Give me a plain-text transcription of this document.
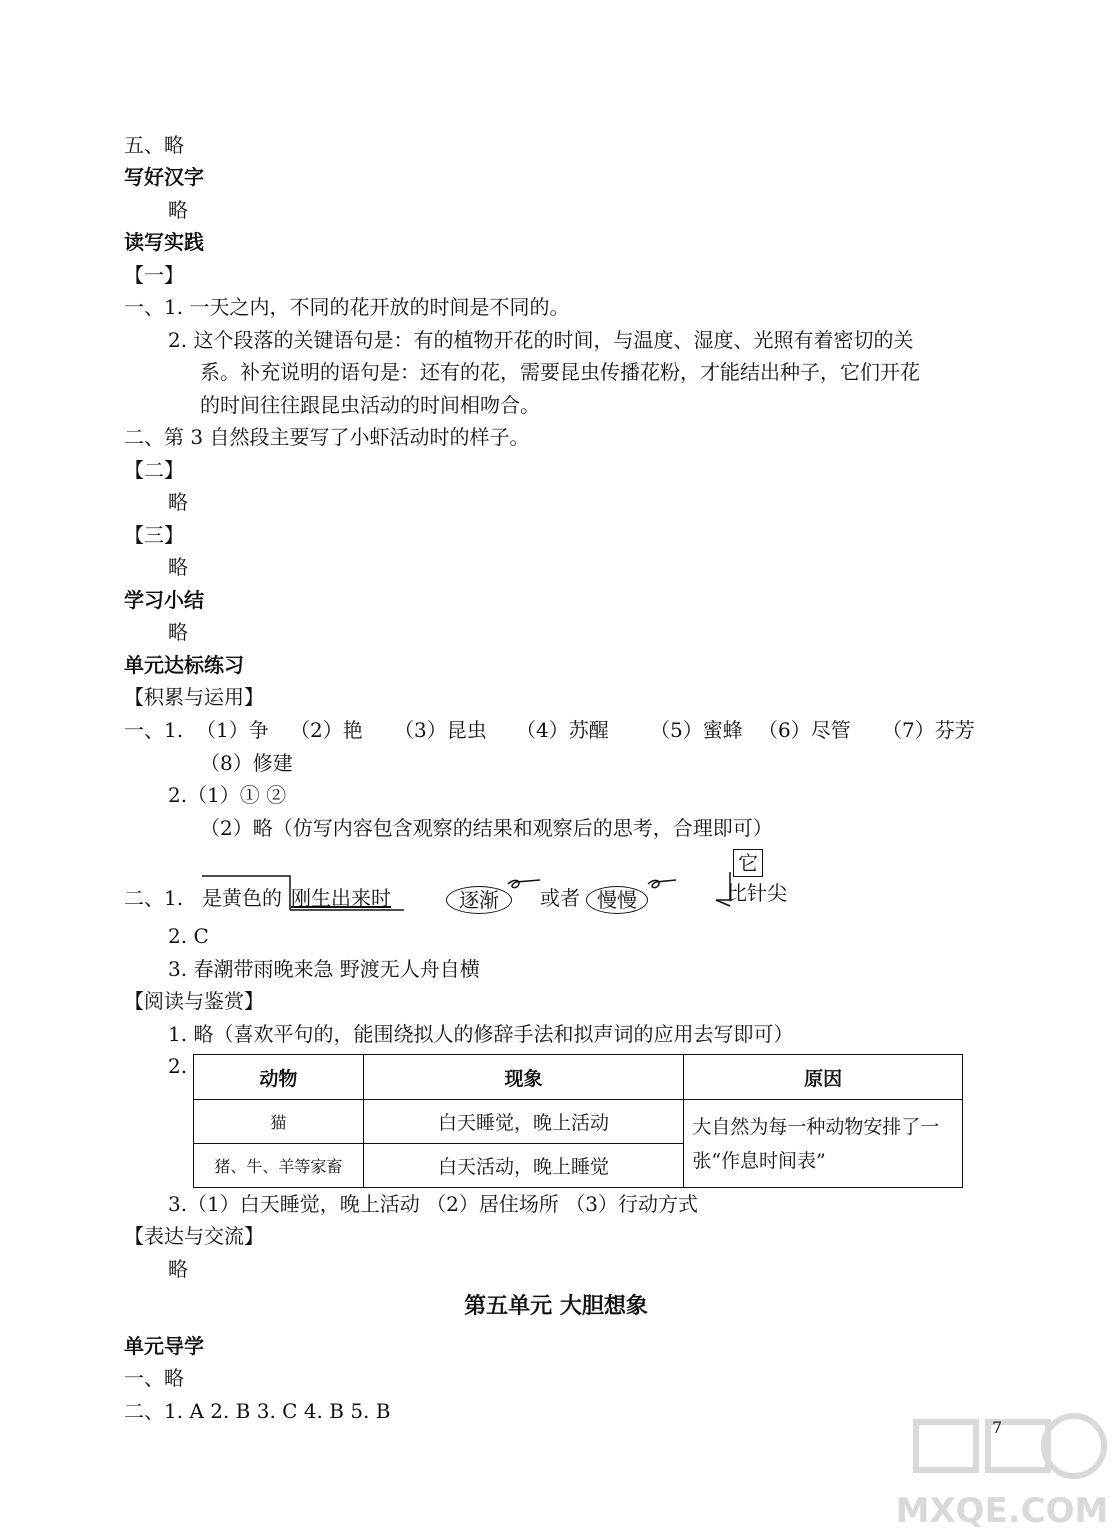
五、略
写好汉字
略
读写实践
【一】
一、1. 一天之内，不同的花开放的时间是不同的。
2. 这个段落的关键语句是：有的植物开花的时间，与温度、湿度、光照有着密切的关
系。补充说明的语句是：还有的花，需要昆虫传播花粉，才能结出种子，它们开花
的时间往往跟昆虫活动的时间相吻合。
二、第 3 自然段主要写了小虾活动时的样子。
【二】
略
【三】
略
学习小结
略
单元达标练习
【积累与运用】
一、1. （1）争 （2）艳 （3）昆虫 （4）苏醒 （5）蜜蜂 （6）尽管 （7）芬芳
（8）修建
2.（1）① ②
（2）略（仿写内容包含观察的结果和观察后的思考，合理即可）
二、1. 是黄色的 刚生出来时	逐渐	或者 慢慢
它
比针尖
2. C
3. 春潮带雨晚来急 野渡无人舟自横
【阅读与鉴赏】
1. 略（喜欢平句的，能围绕拟人的修辞手法和拟声词的应用去写即可）
2.
动物	现象	原因
猫	白天睡觉，晚上活动	大自然为每一种动物安排了一张“作息时间表”
猪、牛、羊等家畜	白天活动，晚上睡觉	
3.（1）白天睡觉，晚上活动 （2）居住场所 （3）行动方式
【表达与交流】
略
第五单元 大胆想象
单元导学
一、略
二、1. A 2. B 3. C 4. B 5. B
7
MXQE.COM
